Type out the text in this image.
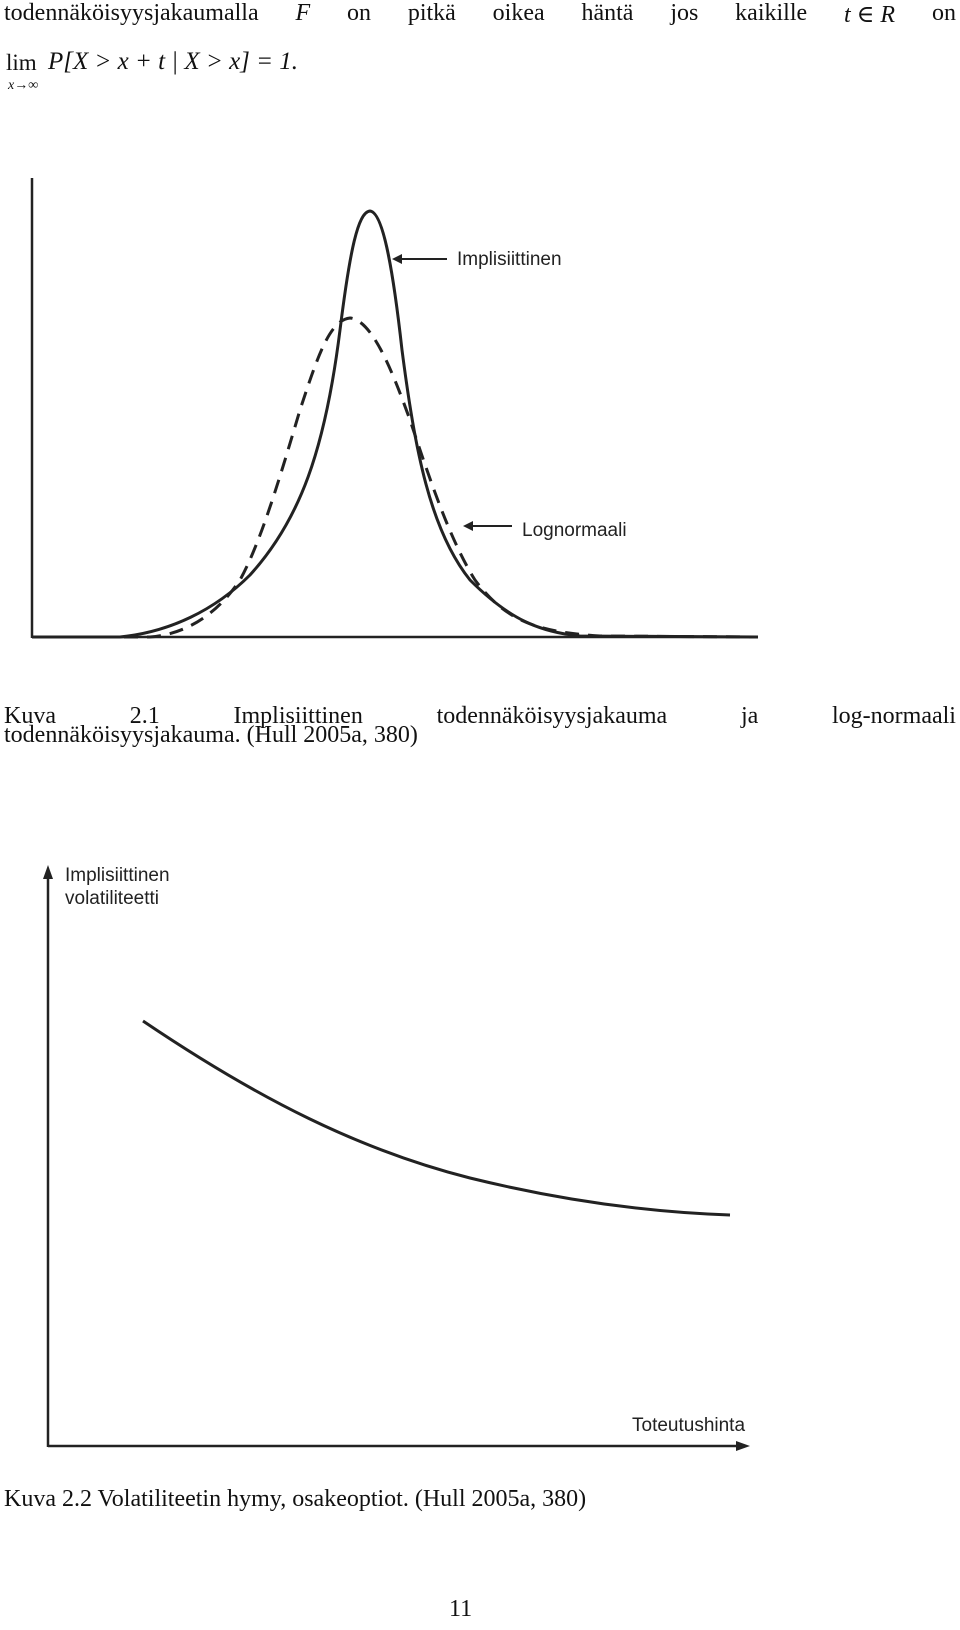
todennäköisyysjakaumalla F on pitkä oikea häntä jos kaikille t ∈ R on
lim
x→∞
P[X > x + t | X > x] = 1.
Implisiittinen
Lognormaali
Kuva	2.1	Implisiittinen	todennäköisyysjakauma	ja	log-normaali
todennäköisyysjakauma. (Hull 2005a, 380)
Implisiittinen
volatiliteetti
Toteutushinta
Kuva 2.2 Volatiliteetin hymy, osakeoptiot. (Hull 2005a, 380)
11
